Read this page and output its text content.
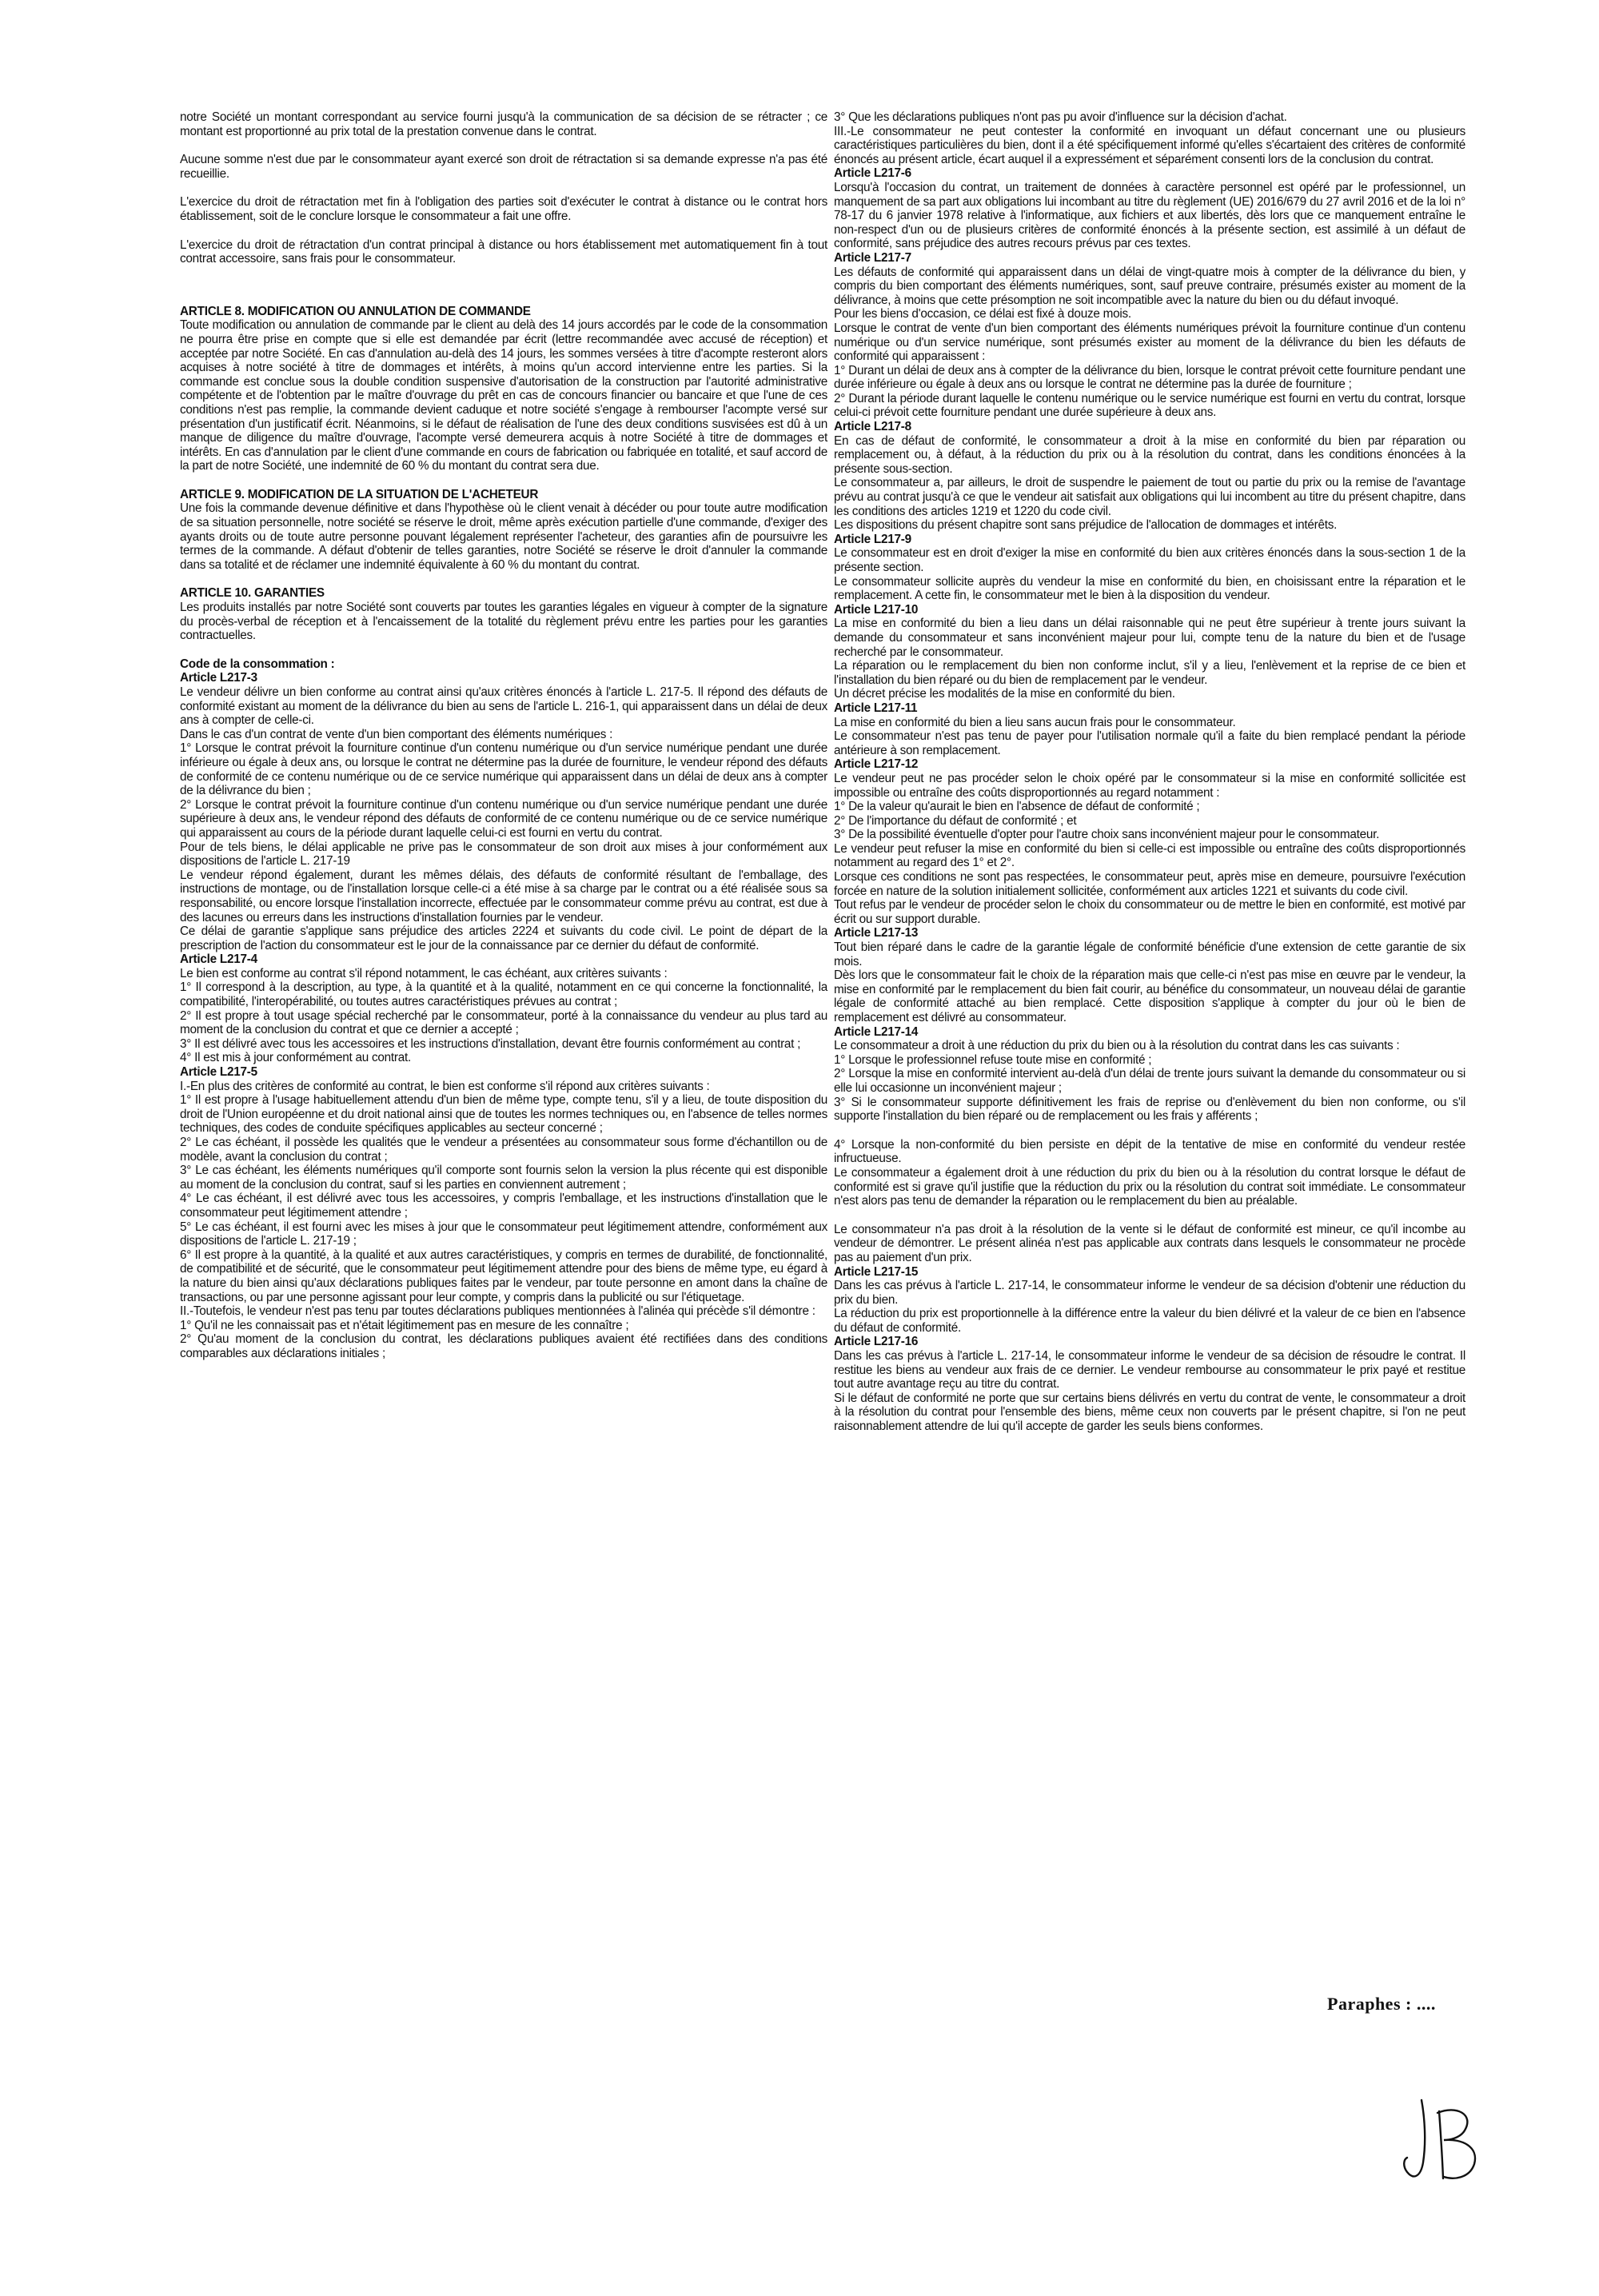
notre Société un montant correspondant au service fourni jusqu'à la communication de sa décision de se rétracter ; ce montant est proportionné au prix total de la prestation convenue dans le contrat.

Aucune somme n'est due par le consommateur ayant exercé son droit de rétractation si sa demande expresse n'a pas été recueillie.

L'exercice du droit de rétractation met fin à l'obligation des parties soit d'exécuter le contrat à distance ou le contrat hors établissement, soit de le conclure lorsque le consommateur a fait une offre.

L'exercice du droit de rétractation d'un contrat principal à distance ou hors établissement met automatiquement fin à tout contrat accessoire, sans frais pour le consommateur.

ARTICLE 8. MODIFICATION OU ANNULATION DE COMMANDE

Toute modification ou annulation de commande par le client au delà des 14 jours accordés par le code de la consommation ne pourra être prise en compte que si elle est demandée par écrit (lettre recommandée avec accusé de réception) et acceptée par notre Société. En cas d'annulation au-delà des 14 jours, les sommes versées à titre d'acompte resteront alors acquises à notre société à titre de dommages et intérêts, à moins qu'un accord intervienne entre les parties. Si la commande est conclue sous la double condition suspensive d'autorisation de la construction par l'autorité administrative compétente et de l'obtention par le maître d'ouvrage du prêt en cas de concours financier ou bancaire et que l'une de ces conditions n'est pas remplie, la commande devient caduque et notre société s'engage à rembourser l'acompte versé sur présentation d'un justificatif écrit. Néanmoins, si le défaut de réalisation de l'une des deux conditions susvisées est dû à un manque de diligence du maître d'ouvrage, l'acompte versé demeurera acquis à notre Société à titre de dommages et intérêts. En cas d'annulation par le client d'une commande en cours de fabrication ou fabriquée en totalité, et sauf accord de la part de notre Société, une indemnité de 60 % du montant du contrat sera due.

ARTICLE 9. MODIFICATION DE LA SITUATION DE L'ACHETEUR

Une fois la commande devenue définitive et dans l'hypothèse où le client venait à décéder ou pour toute autre modification de sa situation personnelle, notre société se réserve le droit, même après exécution partielle d'une commande, d'exiger des ayants droits ou de toute autre personne pouvant légalement représenter l'acheteur, des garanties afin de poursuivre les termes de la commande. A défaut d'obtenir de telles garanties, notre Société se réserve le droit d'annuler la commande dans sa totalité et de réclamer une indemnité équivalente à 60 % du montant du contrat.

ARTICLE 10. GARANTIES

Les produits installés par notre Société sont couverts par toutes les garanties légales en vigueur à compter de la signature du procès-verbal de réception et à l'encaissement de la totalité du règlement prévu entre les parties pour les garanties contractuelles.

Code de la consommation :

Article L217-3

Le vendeur délivre un bien conforme au contrat ainsi qu'aux critères énoncés à l'article L. 217-5. Il répond des défauts de conformité existant au moment de la délivrance du bien au sens de l'article L. 216-1, qui apparaissent dans un délai de deux ans à compter de celle-ci.

Dans le cas d'un contrat de vente d'un bien comportant des éléments numériques :

1° Lorsque le contrat prévoit la fourniture continue d'un contenu numérique ou d'un service numérique pendant une durée inférieure ou égale à deux ans, ou lorsque le contrat ne détermine pas la durée de fourniture, le vendeur répond des défauts de conformité de ce contenu numérique ou de ce service numérique qui apparaissent dans un délai de deux ans à compter de la délivrance du bien ;

2° Lorsque le contrat prévoit la fourniture continue d'un contenu numérique ou d'un service numérique pendant une durée supérieure à deux ans, le vendeur répond des défauts de conformité de ce contenu numérique ou de ce service numérique qui apparaissent au cours de la période durant laquelle celui-ci est fourni en vertu du contrat.

Pour de tels biens, le délai applicable ne prive pas le consommateur de son droit aux mises à jour conformément aux dispositions de l'article L. 217-19

Le vendeur répond également, durant les mêmes délais, des défauts de conformité résultant de l'emballage, des instructions de montage, ou de l'installation lorsque celle-ci a été mise à sa charge par le contrat ou a été réalisée sous sa responsabilité, ou encore lorsque l'installation incorrecte, effectuée par le consommateur comme prévu au contrat, est due à des lacunes ou erreurs dans les instructions d'installation fournies par le vendeur.

Ce délai de garantie s'applique sans préjudice des articles 2224 et suivants du code civil. Le point de départ de la prescription de l'action du consommateur est le jour de la connaissance par ce dernier du défaut de conformité.

Article L217-4

Le bien est conforme au contrat s'il répond notamment, le cas échéant, aux critères suivants :

1° Il correspond à la description, au type, à la quantité et à la qualité, notamment en ce qui concerne la fonctionnalité, la compatibilité, l'interopérabilité, ou toutes autres caractéristiques prévues au contrat ;

2° Il est propre à tout usage spécial recherché par le consommateur, porté à la connaissance du vendeur au plus tard au moment de la conclusion du contrat et que ce dernier a accepté ;

3° Il est délivré avec tous les accessoires et les instructions d'installation, devant être fournis conformément au contrat ;

4° Il est mis à jour conformément au contrat.

Article L217-5

I.-En plus des critères de conformité au contrat, le bien est conforme s'il répond aux critères suivants :

1° Il est propre à l'usage habituellement attendu d'un bien de même type, compte tenu, s'il y a lieu, de toute disposition du droit de l'Union européenne et du droit national ainsi que de toutes les normes techniques ou, en l'absence de telles normes techniques, des codes de conduite spécifiques applicables au secteur concerné ;

2° Le cas échéant, il possède les qualités que le vendeur a présentées au consommateur sous forme d'échantillon ou de modèle, avant la conclusion du contrat ;

3° Le cas échéant, les éléments numériques qu'il comporte sont fournis selon la version la plus récente qui est disponible au moment de la conclusion du contrat, sauf si les parties en conviennent autrement ;

4° Le cas échéant, il est délivré avec tous les accessoires, y compris l'emballage, et les instructions d'installation que le consommateur peut légitimement attendre ;

5° Le cas échéant, il est fourni avec les mises à jour que le consommateur peut légitimement attendre, conformément aux dispositions de l'article L. 217-19 ;

6° Il est propre à la quantité, à la qualité et aux autres caractéristiques, y compris en termes de durabilité, de fonctionnalité, de compatibilité et de sécurité, que le consommateur peut légitimement attendre pour des biens de même type, eu égard à la nature du bien ainsi qu'aux déclarations publiques faites par le vendeur, par toute personne en amont dans la chaîne de transactions, ou par une personne agissant pour leur compte, y compris dans la publicité ou sur l'étiquetage.

II.-Toutefois, le vendeur n'est pas tenu par toutes déclarations publiques mentionnées à l'alinéa qui précède s'il démontre :

1° Qu'il ne les connaissait pas et n'était légitimement pas en mesure de les connaître ;

2° Qu'au moment de la conclusion du contrat, les déclarations publiques avaient été rectifiées dans des conditions comparables aux déclarations initiales ;

3° Que les déclarations publiques n'ont pas pu avoir d'influence sur la décision d'achat.

III.-Le consommateur ne peut contester la conformité en invoquant un défaut concernant une ou plusieurs caractéristiques particulières du bien, dont il a été spécifiquement informé qu'elles s'écartaient des critères de conformité énoncés au présent article, écart auquel il a expressément et séparément consenti lors de la conclusion du contrat.

Article L217-6

Lorsqu'à l'occasion du contrat, un traitement de données à caractère personnel est opéré par le professionnel, un manquement de sa part aux obligations lui incombant au titre du règlement (UE) 2016/679 du 27 avril 2016 et de la loi n° 78-17 du 6 janvier 1978 relative à l'informatique, aux fichiers et aux libertés, dès lors que ce manquement entraîne le non-respect d'un ou de plusieurs critères de conformité énoncés à la présente section, est assimilé à un défaut de conformité, sans préjudice des autres recours prévus par ces textes.

Article L217-7

Les défauts de conformité qui apparaissent dans un délai de vingt-quatre mois à compter de la délivrance du bien, y compris du bien comportant des éléments numériques, sont, sauf preuve contraire, présumés exister au moment de la délivrance, à moins que cette présomption ne soit incompatible avec la nature du bien ou du défaut invoqué.

Pour les biens d'occasion, ce délai est fixé à douze mois.

Lorsque le contrat de vente d'un bien comportant des éléments numériques prévoit la fourniture continue d'un contenu numérique ou d'un service numérique, sont présumés exister au moment de la délivrance du bien les défauts de conformité qui apparaissent :

1° Durant un délai de deux ans à compter de la délivrance du bien, lorsque le contrat prévoit cette fourniture pendant une durée inférieure ou égale à deux ans ou lorsque le contrat ne détermine pas la durée de fourniture ;

2° Durant la période durant laquelle le contenu numérique ou le service numérique est fourni en vertu du contrat, lorsque celui-ci prévoit cette fourniture pendant une durée supérieure à deux ans.

Article L217-8

En cas de défaut de conformité, le consommateur a droit à la mise en conformité du bien par réparation ou remplacement ou, à défaut, à la réduction du prix ou à la résolution du contrat, dans les conditions énoncées à la présente sous-section.

Le consommateur a, par ailleurs, le droit de suspendre le paiement de tout ou partie du prix ou la remise de l'avantage prévu au contrat jusqu'à ce que le vendeur ait satisfait aux obligations qui lui incombent au titre du présent chapitre, dans les conditions des articles 1219 et 1220 du code civil.

Les dispositions du présent chapitre sont sans préjudice de l'allocation de dommages et intérêts.

Article L217-9

Le consommateur est en droit d'exiger la mise en conformité du bien aux critères énoncés dans la sous-section 1 de la présente section.

Le consommateur sollicite auprès du vendeur la mise en conformité du bien, en choisissant entre la réparation et le remplacement. A cette fin, le consommateur met le bien à la disposition du vendeur.

Article L217-10

La mise en conformité du bien a lieu dans un délai raisonnable qui ne peut être supérieur à trente jours suivant la demande du consommateur et sans inconvénient majeur pour lui, compte tenu de la nature du bien et de l'usage recherché par le consommateur.

La réparation ou le remplacement du bien non conforme inclut, s'il y a lieu, l'enlèvement et la reprise de ce bien et l'installation du bien réparé ou du bien de remplacement par le vendeur.

Un décret précise les modalités de la mise en conformité du bien.

Article L217-11

La mise en conformité du bien a lieu sans aucun frais pour le consommateur.

Le consommateur n'est pas tenu de payer pour l'utilisation normale qu'il a faite du bien remplacé pendant la période antérieure à son remplacement.

Article L217-12

Le vendeur peut ne pas procéder selon le choix opéré par le consommateur si la mise en conformité sollicitée est impossible ou entraîne des coûts disproportionnés au regard notamment :

1° De la valeur qu'aurait le bien en l'absence de défaut de conformité ;

2° De l'importance du défaut de conformité ; et

3° De la possibilité éventuelle d'opter pour l'autre choix sans inconvénient majeur pour le consommateur.

Le vendeur peut refuser la mise en conformité du bien si celle-ci est impossible ou entraîne des coûts disproportionnés notamment au regard des 1° et 2°.

Lorsque ces conditions ne sont pas respectées, le consommateur peut, après mise en demeure, poursuivre l'exécution forcée en nature de la solution initialement sollicitée, conformément aux articles 1221 et suivants du code civil.

Tout refus par le vendeur de procéder selon le choix du consommateur ou de mettre le bien en conformité, est motivé par écrit ou sur support durable.

Article L217-13

Tout bien réparé dans le cadre de la garantie légale de conformité bénéficie d'une extension de cette garantie de six mois.

Dès lors que le consommateur fait le choix de la réparation mais que celle-ci n'est pas mise en œuvre par le vendeur, la mise en conformité par le remplacement du bien fait courir, au bénéfice du consommateur, un nouveau délai de garantie légale de conformité attaché au bien remplacé. Cette disposition s'applique à compter du jour où le bien de remplacement est délivré au consommateur.

Article L217-14

Le consommateur a droit à une réduction du prix du bien ou à la résolution du contrat dans les cas suivants :

1° Lorsque le professionnel refuse toute mise en conformité ;

2° Lorsque la mise en conformité intervient au-delà d'un délai de trente jours suivant la demande du consommateur ou si elle lui occasionne un inconvénient majeur ;

3° Si le consommateur supporte définitivement les frais de reprise ou d'enlèvement du bien non conforme, ou s'il supporte l'installation du bien réparé ou de remplacement ou les frais y afférents ;

4° Lorsque la non-conformité du bien persiste en dépit de la tentative de mise en conformité du vendeur restée infructueuse.

Le consommateur a également droit à une réduction du prix du bien ou à la résolution du contrat lorsque le défaut de conformité est si grave qu'il justifie que la réduction du prix ou la résolution du contrat soit immédiate. Le consommateur n'est alors pas tenu de demander la réparation ou le remplacement du bien au préalable.

Le consommateur n'a pas droit à la résolution de la vente si le défaut de conformité est mineur, ce qu'il incombe au vendeur de démontrer. Le présent alinéa n'est pas applicable aux contrats dans lesquels le consommateur ne procède pas au paiement d'un prix.

Article L217-15

Dans les cas prévus à l'article L. 217-14, le consommateur informe le vendeur de sa décision d'obtenir une réduction du prix du bien.

La réduction du prix est proportionnelle à la différence entre la valeur du bien délivré et la valeur de ce bien en l'absence du défaut de conformité.

Article L217-16

Dans les cas prévus à l'article L. 217-14, le consommateur informe le vendeur de sa décision de résoudre le contrat. Il restitue les biens au vendeur aux frais de ce dernier. Le vendeur rembourse au consommateur le prix payé et restitue tout autre avantage reçu au titre du contrat.

Si le défaut de conformité ne porte que sur certains biens délivrés en vertu du contrat de vente, le consommateur a droit à la résolution du contrat pour l'ensemble des biens, même ceux non couverts par le présent chapitre, si l'on ne peut raisonnablement attendre de lui qu'il accepte de garder les seuls biens conformes.

Paraphes : ....
